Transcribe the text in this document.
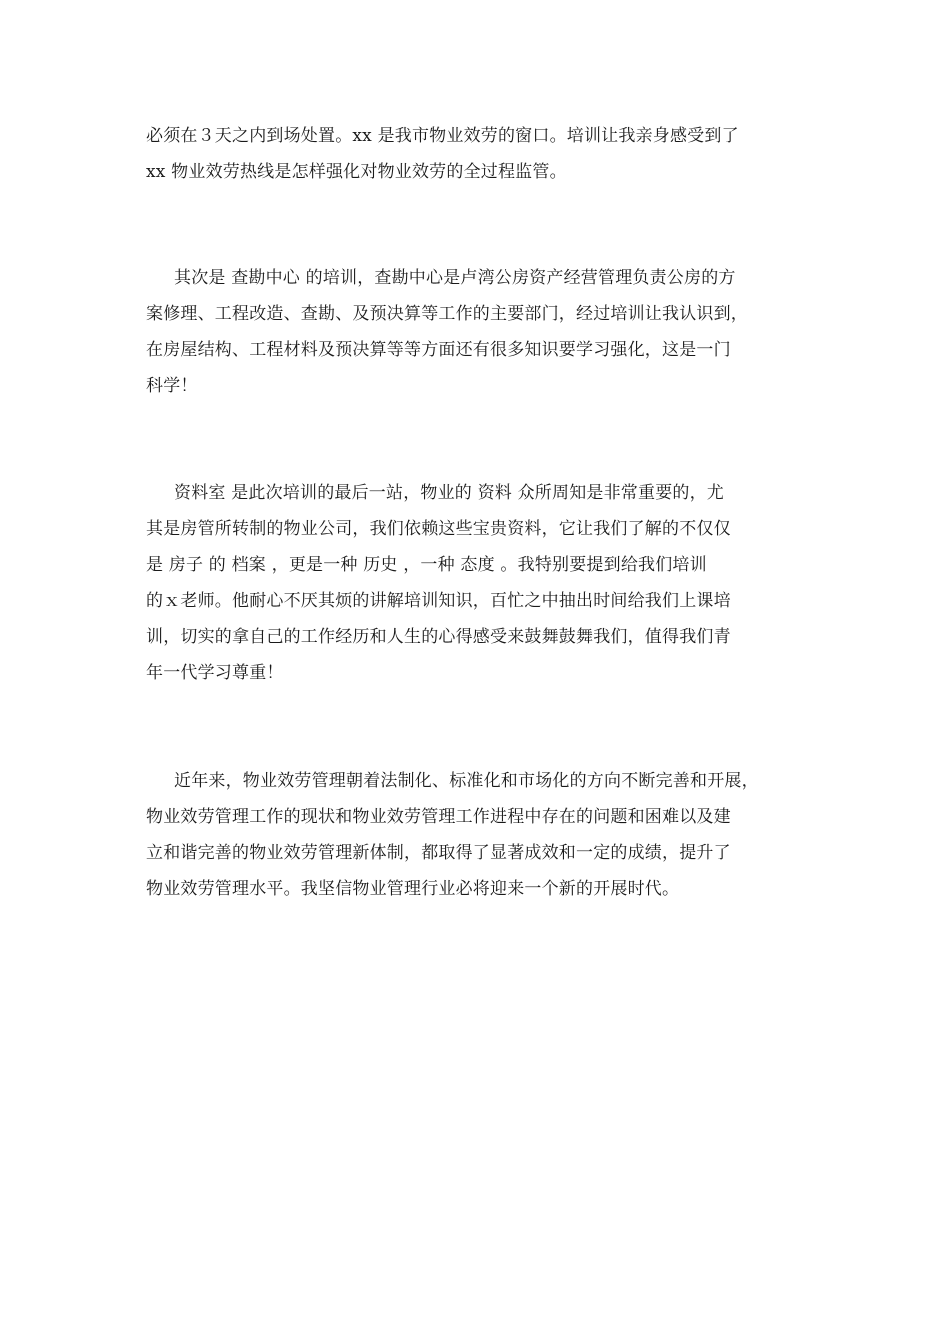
必须在３天之内到场处置。xx 是我市物业效劳的窗口。培训让我亲身感受到了
xx 物业效劳热线是怎样强化对物业效劳的全过程监管。
其次是 查勘中心 的培训，查勘中心是卢湾公房资产经营管理负责公房的方
案修理、工程改造、查勘、及预决算等工作的主要部门，经过培训让我认识到，
在房屋结构、工程材料及预决算等等方面还有很多知识要学习强化，这是一门
科学！
资料室 是此次培训的最后一站，物业的 资料 众所周知是非常重要的，尤
其是房管所转制的物业公司，我们依赖这些宝贵资料，它让我们了解的不仅仅
是 房子 的 档案 ，更是一种 历史 ，一种 态度 。我特别要提到给我们培训
的ｘ老师。他耐心不厌其烦的讲解培训知识，百忙之中抽出时间给我们上课培
训，切实的拿自己的工作经历和人生的心得感受来鼓舞鼓舞我们，值得我们青
年一代学习尊重！
近年来，物业效劳管理朝着法制化、标准化和市场化的方向不断完善和开展，
物业效劳管理工作的现状和物业效劳管理工作进程中存在的问题和困难以及建
立和谐完善的物业效劳管理新体制，都取得了显著成效和一定的成绩，提升了
物业效劳管理水平。我坚信物业管理行业必将迎来一个新的开展时代。
